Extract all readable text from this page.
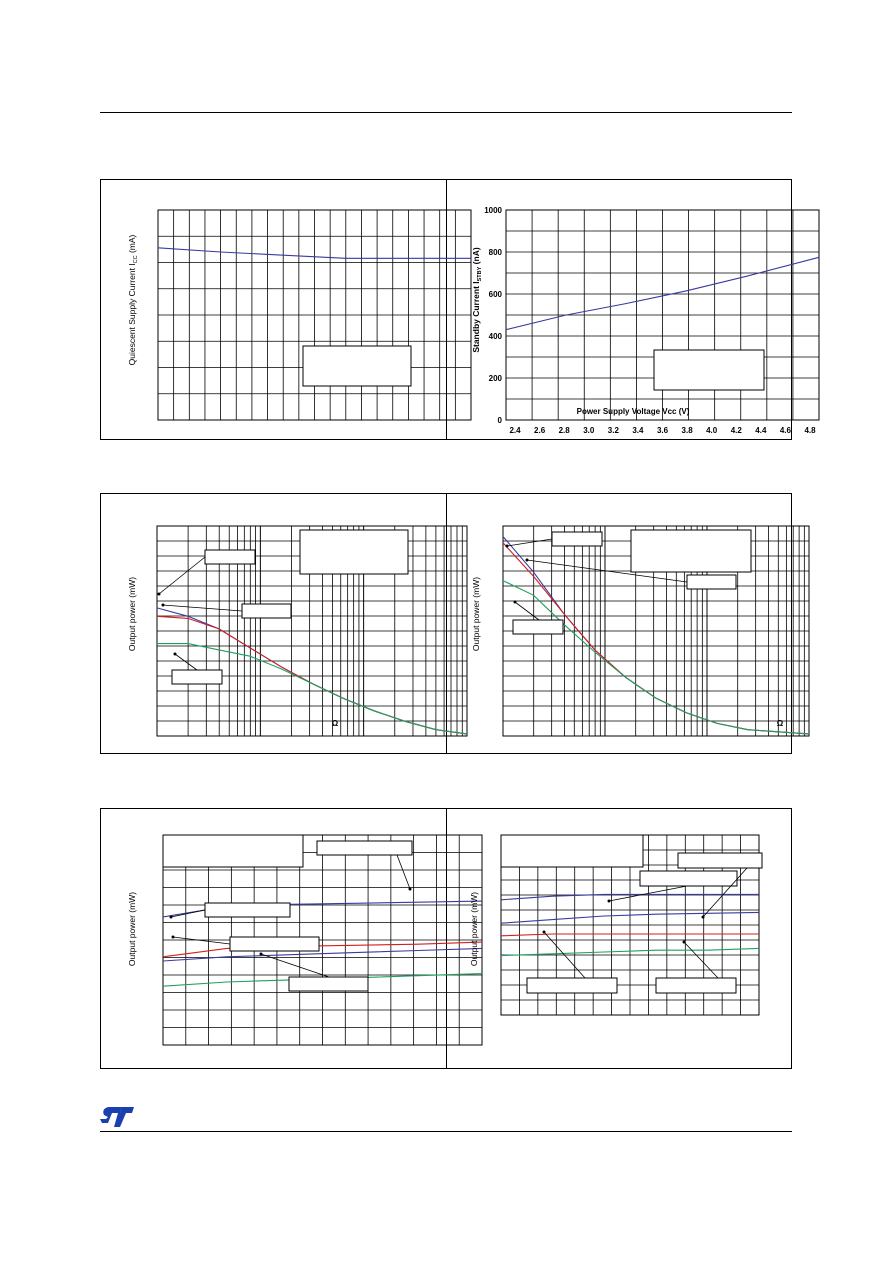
Quiescent Supply Current $I_{CC}$ (mA)
Standby Current $I_{STBY}$ (nA)
2.4 2.6 2.8 3.0 3.2 3.4 3.6 3.8 4.0 4.2 4.4 4.6 4.8
0
200
400
600
800
1000
Power Supply Voltage Vcc (V)
Output power (mW)
Ω
Output power (mW)
Ω
Output power (mW)	Output power (mW)
